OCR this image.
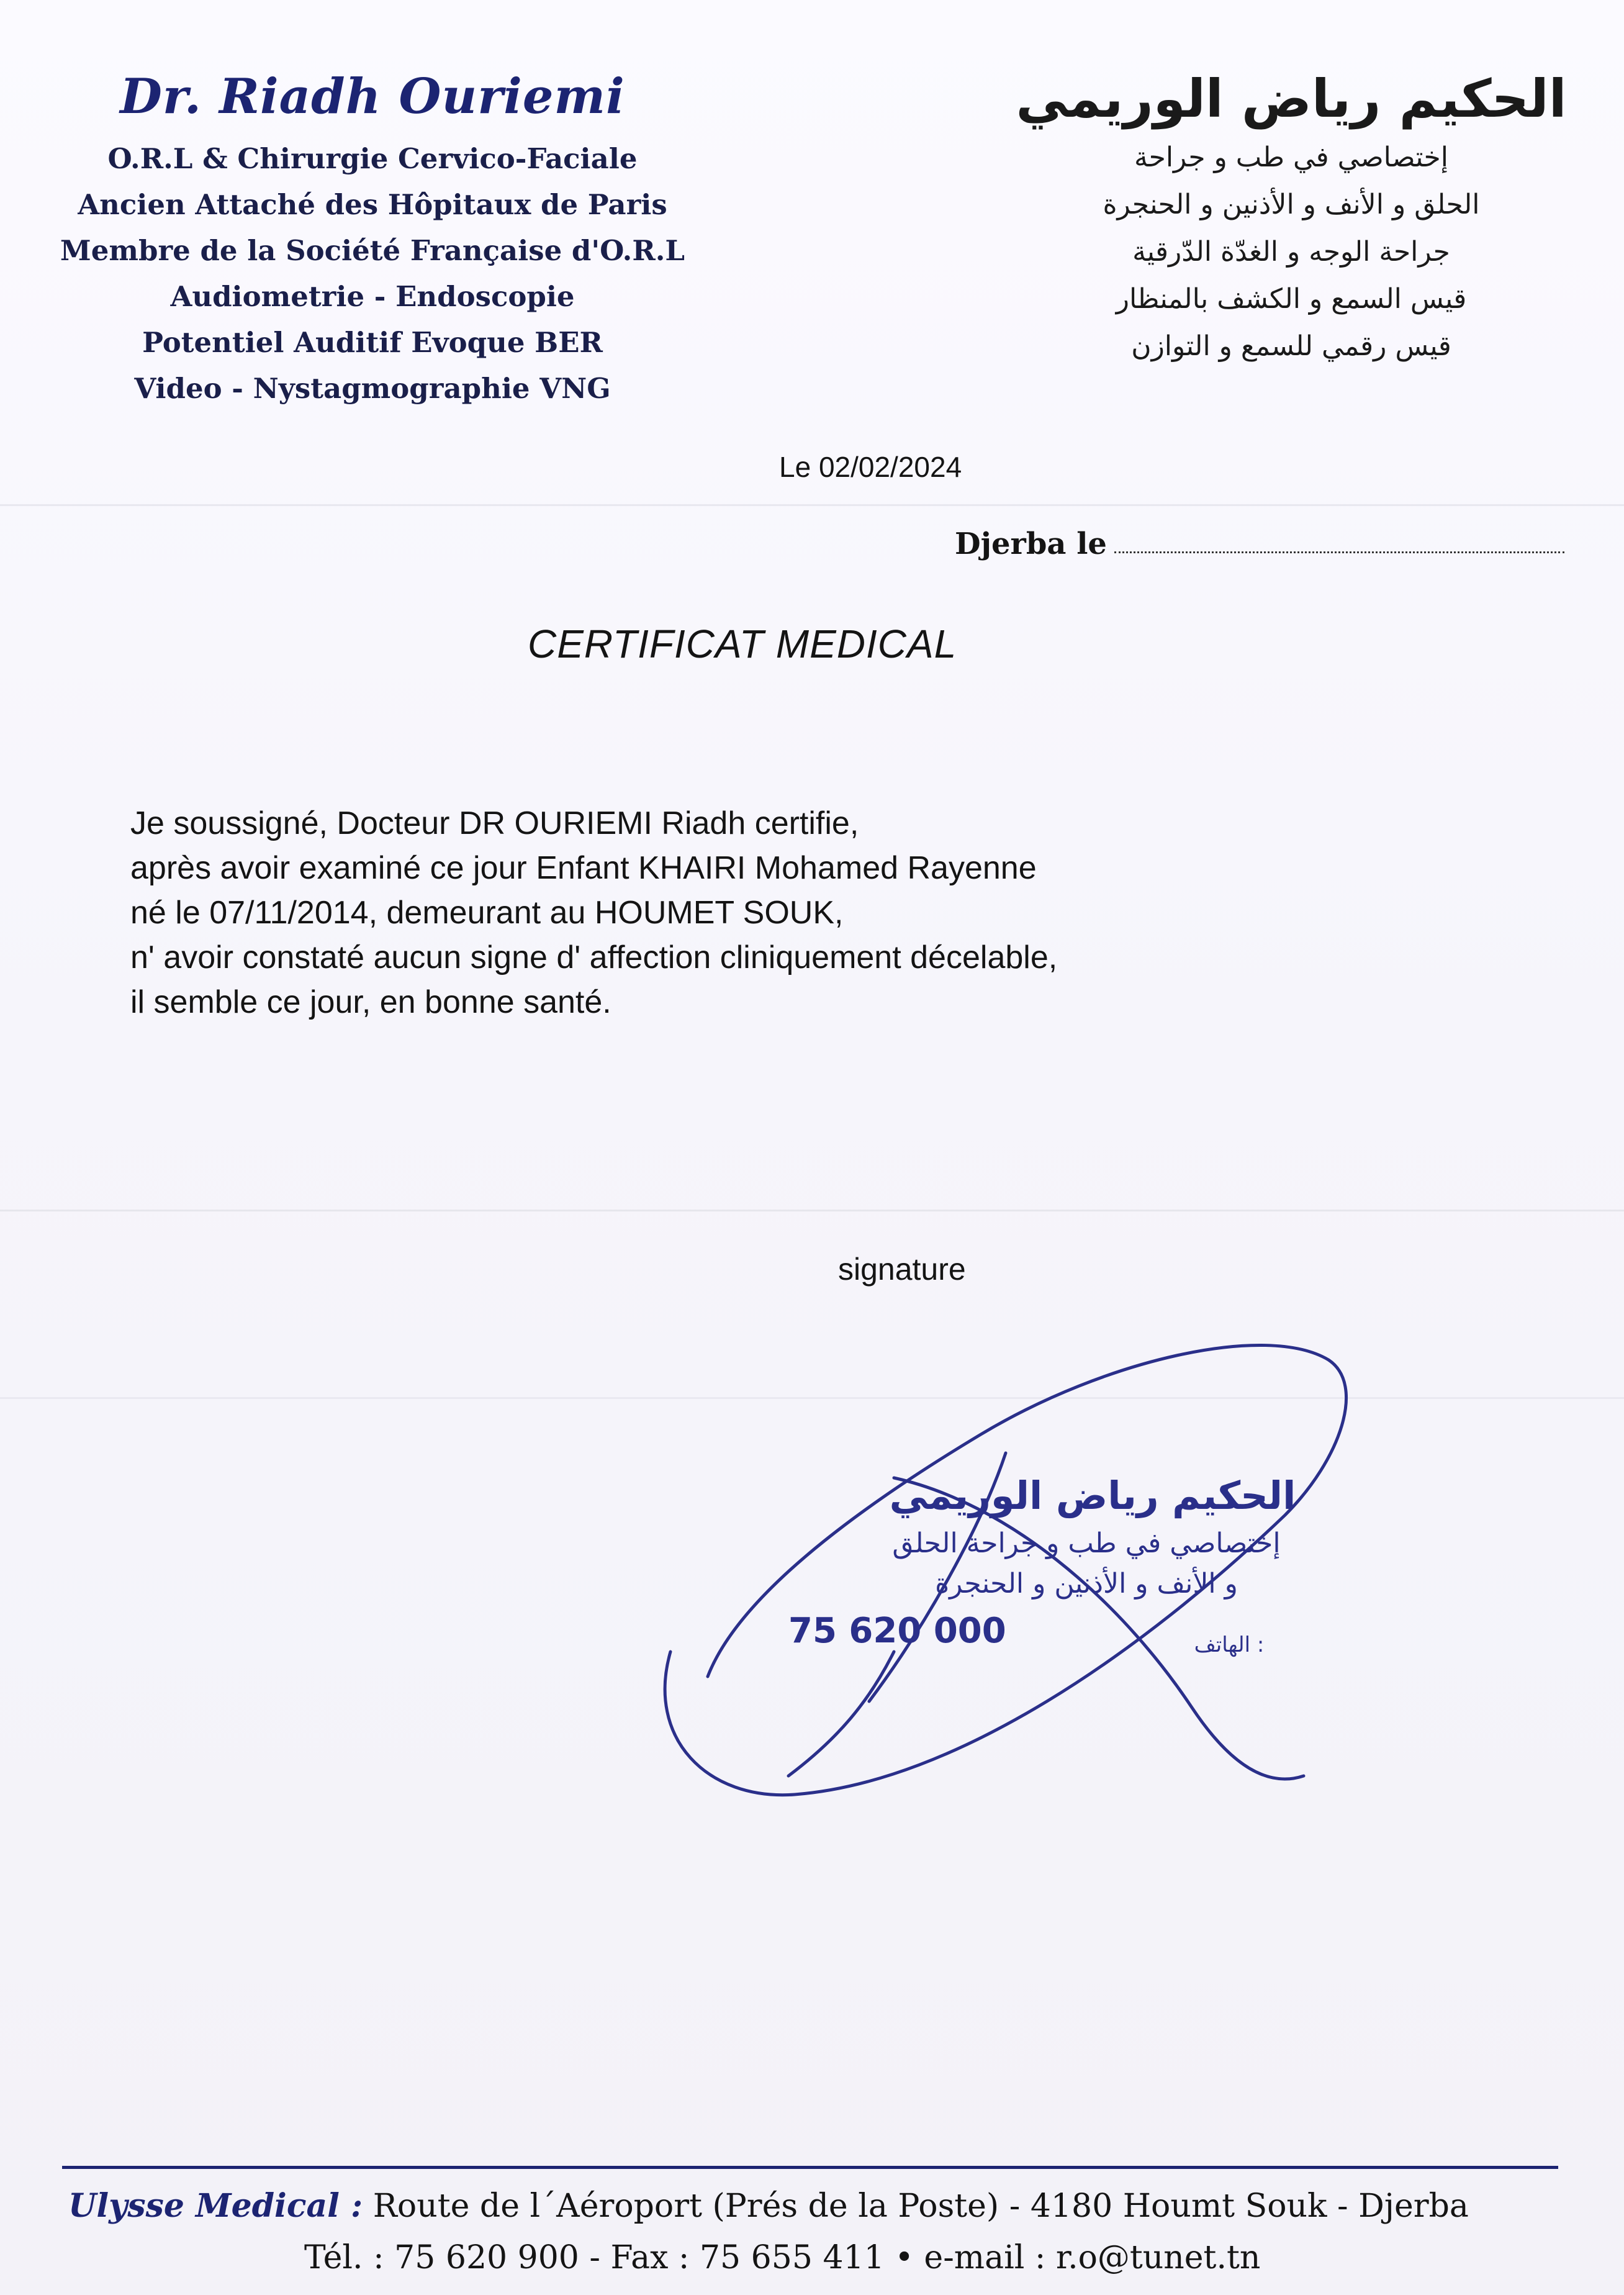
Dr. Riadh Ouriemi
O.R.L & Chirurgie Cervico-Faciale
Ancien Attaché des Hôpitaux de Paris
Membre de la Société Française d'O.R.L
Audiometrie - Endoscopie
Potentiel Auditif Evoque BER
Video - Nystagmographie VNG
الحكيم رياض الوريمي
إختصاصي في طب و جراحة
الحلق و الأنف و الأذنين و الحنجرة
جراحة الوجه و الغدّة الدّرقية
قيس السمع و الكشف بالمنظار
قيس رقمي للسمع و التوازن
Le 02/02/2024
Djerba le
CERTIFICAT MEDICAL
Je soussigné, Docteur DR OURIEMI Riadh certifie,
après avoir examiné ce jour Enfant KHAIRI Mohamed Rayenne
né le 07/11/2014, demeurant au HOUMET SOUK,
n' avoir constaté aucun signe d' affection cliniquement décelable,
il semble ce jour, en bonne santé.
signature
الحكيم رياض الوريمي
إختصاصي في طب و جراحة الحلق
و الأنف و الأذنين و الحنجرة
: الهاتف
75 620 000
Ulysse Medical : Route de l´Aéroport (Prés de la Poste) - 4180 Houmt Souk - Djerba
Tél. : 75 620 900 - Fax : 75 655 411 • e-mail : r.o@tunet.tn
